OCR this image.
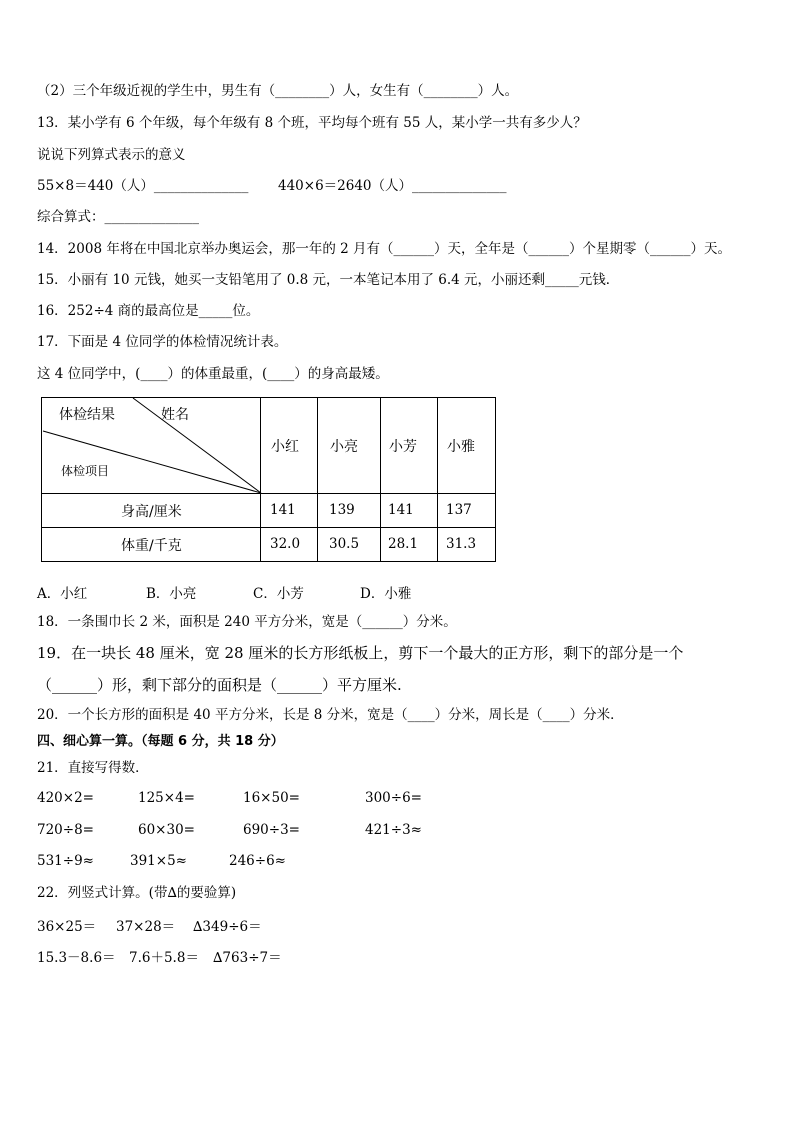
（2）三个年级近视的学生中，男生有（________）人，女生有（________）人。
13．某小学有 6 个年级，每个年级有 8 个班，平均每个班有 55 人，某小学一共有多少人？
说说下列算式表示的意义
55×8＝440（人）______________ 440×6＝2640（人）______________
综合算式：______________
14．2008 年将在中国北京举办奥运会，那一年的 2 月有（______）天，全年是（______）个星期零（______）天。
15．小丽有 10 元钱，她买一支铅笔用了 0.8 元，一本笔记本用了 6.4 元，小丽还剩_____元钱．
16．252÷4 商的最高位是_____位。
17．下面是 4 位同学的体检情况统计表。
这 4 位同学中，(____）的体重最重，(____）的身高最矮。
体检结果	姓名
体检项目
小红 小亮 小芳 小雅
身高/厘米	141 139 141 137
体重/千克	32.0 30.5 28.1 31.3
A．小红	B．小亮	C．小芳	D．小雅
18．一条围巾长 2 米，面积是 240 平方分米，宽是（______）分米。
19．在一块长 48 厘米，宽 28 厘米的长方形纸板上，剪下一个最大的正方形，剩下的部分是一个
（______）形，剩下部分的面积是（______）平方厘米.
20．一个长方形的面积是 40 平方分米，长是 8 分米，宽是（____）分米，周长是（____）分米．
四、细心算一算。（每题 6 分，共 18 分）
21．直接写得数．
420×2=	125×4=	16×50=	300÷6=
720÷8=	60×30=	690÷3=	421÷3≈
531÷9≈	391×5≈	246÷6≈
22．列竖式计算。(带∆的要验算)
36×25＝ 37×28＝ ∆349÷6＝
15.3－8.6＝ 7.6＋5.8＝ ∆763÷7＝
